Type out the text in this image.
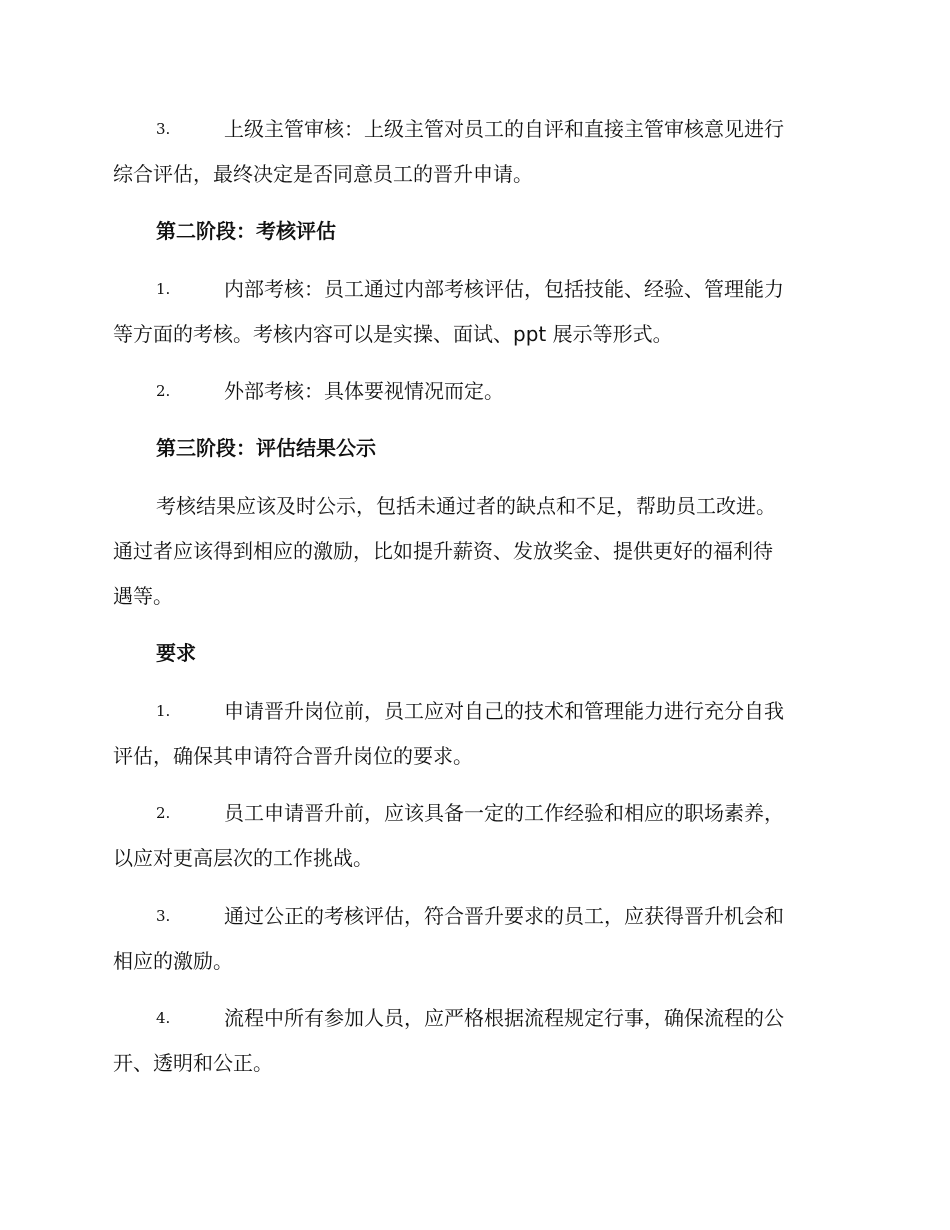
3.	上级主管审核：上级主管对员工的自评和直接主管审核意见进行
综合评估，最终决定是否同意员工的晋升申请。
第二阶段：考核评估
1.	内部考核：员工通过内部考核评估，包括技能、经验、管理能力
等方面的考核。考核内容可以是实操、面试、ppt 展示等形式。
2.	外部考核：具体要视情况而定。
第三阶段：评估结果公示
考核结果应该及时公示，包括未通过者的缺点和不足，帮助员工改进。
通过者应该得到相应的激励，比如提升薪资、发放奖金、提供更好的福利待
遇等。
要求
1.	申请晋升岗位前，员工应对自己的技术和管理能力进行充分自我
评估，确保其申请符合晋升岗位的要求。
2.	员工申请晋升前，应该具备一定的工作经验和相应的职场素养，
以应对更高层次的工作挑战。
3.	通过公正的考核评估，符合晋升要求的员工，应获得晋升机会和
相应的激励。
4.	流程中所有参加人员，应严格根据流程规定行事，确保流程的公
开、透明和公正。
